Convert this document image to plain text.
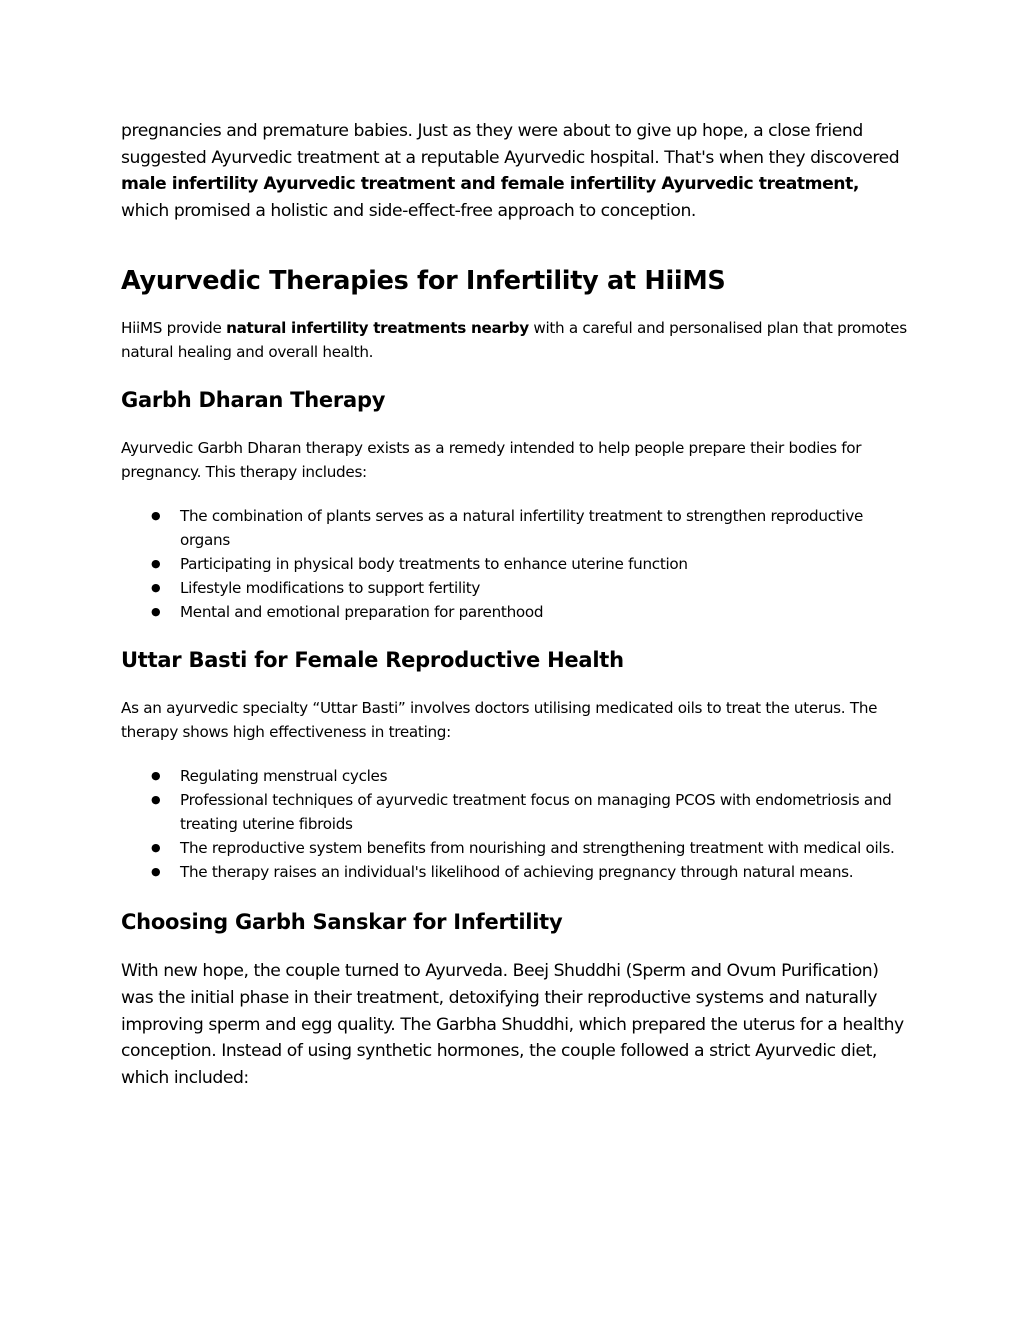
pregnancies and premature babies. Just as they were about to give up hope, a close friend suggested Ayurvedic treatment at a reputable Ayurvedic hospital. That's when they discovered male infertility Ayurvedic treatment and female infertility Ayurvedic treatment, which promised a holistic and side-effect-free approach to conception.

Ayurvedic Therapies for Infertility at HiiMS

HiiMS provide natural infertility treatments nearby with a careful and personalised plan that promotes natural healing and overall health.

Garbh Dharan Therapy

Ayurvedic Garbh Dharan therapy exists as a remedy intended to help people prepare their bodies for pregnancy. This therapy includes:

● The combination of plants serves as a natural infertility treatment to strengthen reproductive organs
● Participating in physical body treatments to enhance uterine function
● Lifestyle modifications to support fertility
● Mental and emotional preparation for parenthood
Uttar Basti for Female Reproductive Health

As an ayurvedic specialty “Uttar Basti” involves doctors utilising medicated oils to treat the uterus. The therapy shows high effectiveness in treating:

● Regulating menstrual cycles
● Professional techniques of ayurvedic treatment focus on managing PCOS with endometriosis and treating uterine fibroids
● The reproductive system benefits from nourishing and strengthening treatment with medical oils.
● The therapy raises an individual's likelihood of achieving pregnancy through natural means.
Choosing Garbh Sanskar for Infertility

With new hope, the couple turned to Ayurveda. Beej Shuddhi (Sperm and Ovum Purification) was the initial phase in their treatment, detoxifying their reproductive systems and naturally improving sperm and egg quality. The Garbha Shuddhi, which prepared the uterus for a healthy conception. Instead of using synthetic hormones, the couple followed a strict Ayurvedic diet, which included:
